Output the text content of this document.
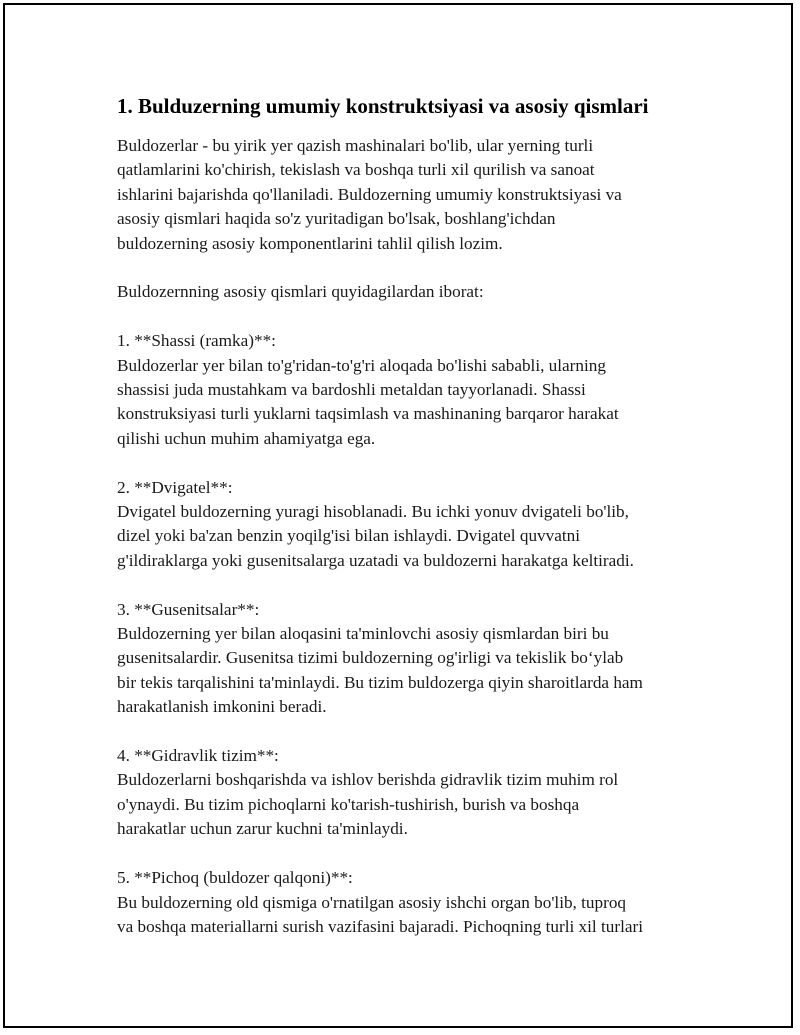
1. Bulduzerning umumiy konstruktsiyasi va asosiy qismlari

Buldozerlar - bu yirik yer qazish mashinalari bo'lib, ular yerning turli
qatlamlarini ko'chirish, tekislash va boshqa turli xil qurilish va sanoat
ishlarini bajarishda qo'llaniladi. Buldozerning umumiy konstruktsiyasi va
asosiy qismlari haqida so'z yuritadigan bo'lsak, boshlang'ichdan
buldozerning asosiy komponentlarini tahlil qilish lozim.

Buldozernning asosiy qismlari quyidagilardan iborat:

1. **Shassi (ramka)**:

Buldozerlar yer bilan to'g'ridan-to'g'ri aloqada bo'lishi sababli, ularning
shassisi juda mustahkam va bardoshli metaldan tayyorlanadi. Shassi
konstruksiyasi turli yuklarni taqsimlash va mashinaning barqaror harakat
qilishi uchun muhim ahamiyatga ega.

2. **Dvigatel**:

Dvigatel buldozerning yuragi hisoblanadi. Bu ichki yonuv dvigateli bo'lib,
dizel yoki ba'zan benzin yoqilg'isi bilan ishlaydi. Dvigatel quvvatni
g'ildiraklarga yoki gusenitsalarga uzatadi va buldozerni harakatga keltiradi.

3. **Gusenitsalar**:

Buldozerning yer bilan aloqasini ta'minlovchi asosiy qismlardan biri bu
gusenitsalardir. Gusenitsa tizimi buldozerning og'irligi va tekislik bo‘ylab
bir tekis tarqalishini ta'minlaydi. Bu tizim buldozerga qiyin sharoitlarda ham
harakatlanish imkonini beradi.

4. **Gidravlik tizim**:

Buldozerlarni boshqarishda va ishlov berishda gidravlik tizim muhim rol
o'ynaydi. Bu tizim pichoqlarni ko'tarish-tushirish, burish va boshqa
harakatlar uchun zarur kuchni ta'minlaydi.

5. **Pichoq (buldozer qalqoni)**:

Bu buldozerning old qismiga o'rnatilgan asosiy ishchi organ bo'lib, tuproq
va boshqa materiallarni surish vazifasini bajaradi. Pichoqning turli xil turlari
